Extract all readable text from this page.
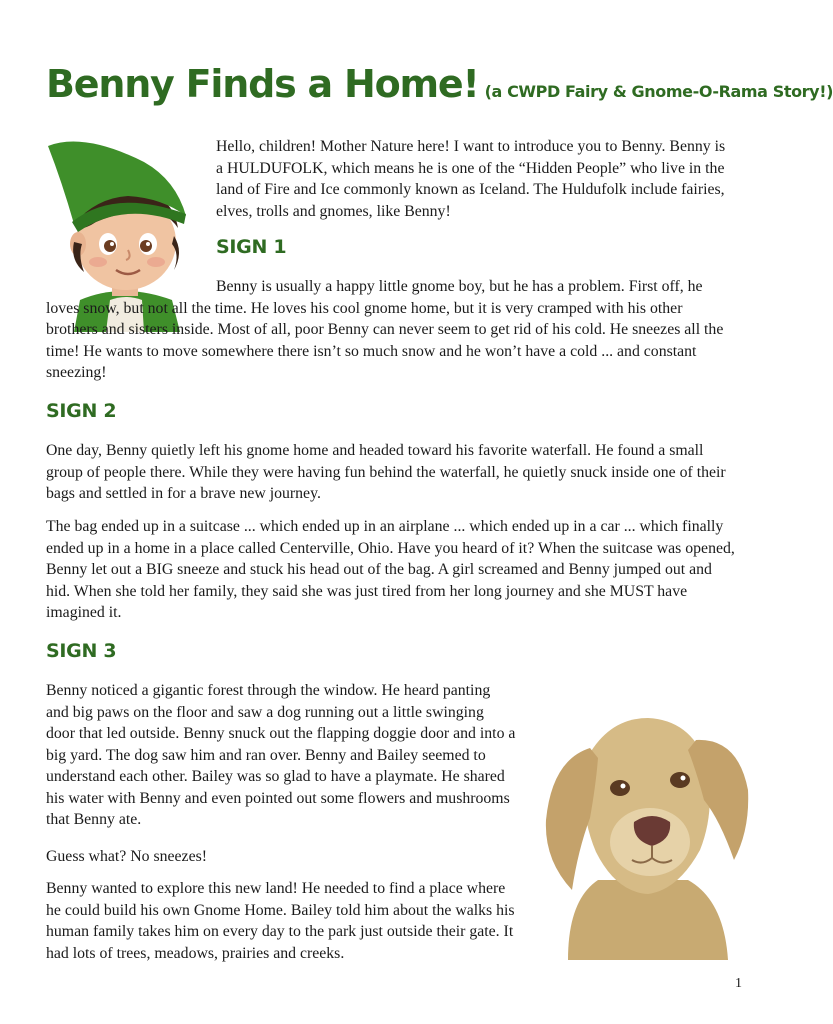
Benny Finds a Home! (a CWPD Fairy & Gnome-O-Rama Story!)

Hello, children! Mother Nature here! I want to introduce you to Benny. Benny is a HULDUFOLK, which means he is one of the “Hidden People” who live in the land of Fire and Ice commonly known as Iceland. The Huldufolk include fairies, elves, trolls and gnomes, like Benny!

SIGN 1

Benny is usually a happy little gnome boy, but he has a problem. First off, he loves snow, but not all the time. He loves his cool gnome home, but it is very cramped with his other brothers and sisters inside. Most of all, poor Benny can never seem to get rid of his cold. He sneezes all the time! He wants to move somewhere there isn’t so much snow and he won’t have a cold ... and constant sneezing!

SIGN 2

One day, Benny quietly left his gnome home and headed toward his favorite waterfall. He found a small group of people there. While they were having fun behind the waterfall, he quietly snuck inside one of their bags and settled in for a brave new journey.

The bag ended up in a suitcase ... which ended up in an airplane ... which ended up in a car ... which finally ended up in a home in a place called Centerville, Ohio. Have you heard of it? When the suitcase was opened, Benny let out a BIG sneeze and stuck his head out of the bag. A girl screamed and Benny jumped out and hid. When she told her family, they said she was just tired from her long journey and she MUST have imagined it.

SIGN 3

Benny noticed a gigantic forest through the window. He heard panting and big paws on the floor and saw a dog running out a little swinging door that led outside. Benny snuck out the flapping doggie door and into a big yard. The dog saw him and ran over. Benny and Bailey seemed to understand each other. Bailey was so glad to have a playmate. He shared his water with Benny and even pointed out some flowers and mushrooms that Benny ate.

Guess what? No sneezes!

Benny wanted to explore this new land! He needed to find a place where he could build his own Gnome Home. Bailey told him about the walks his human family takes him on every day to the park just outside their gate. It had lots of trees, meadows, prairies and creeks.

1
